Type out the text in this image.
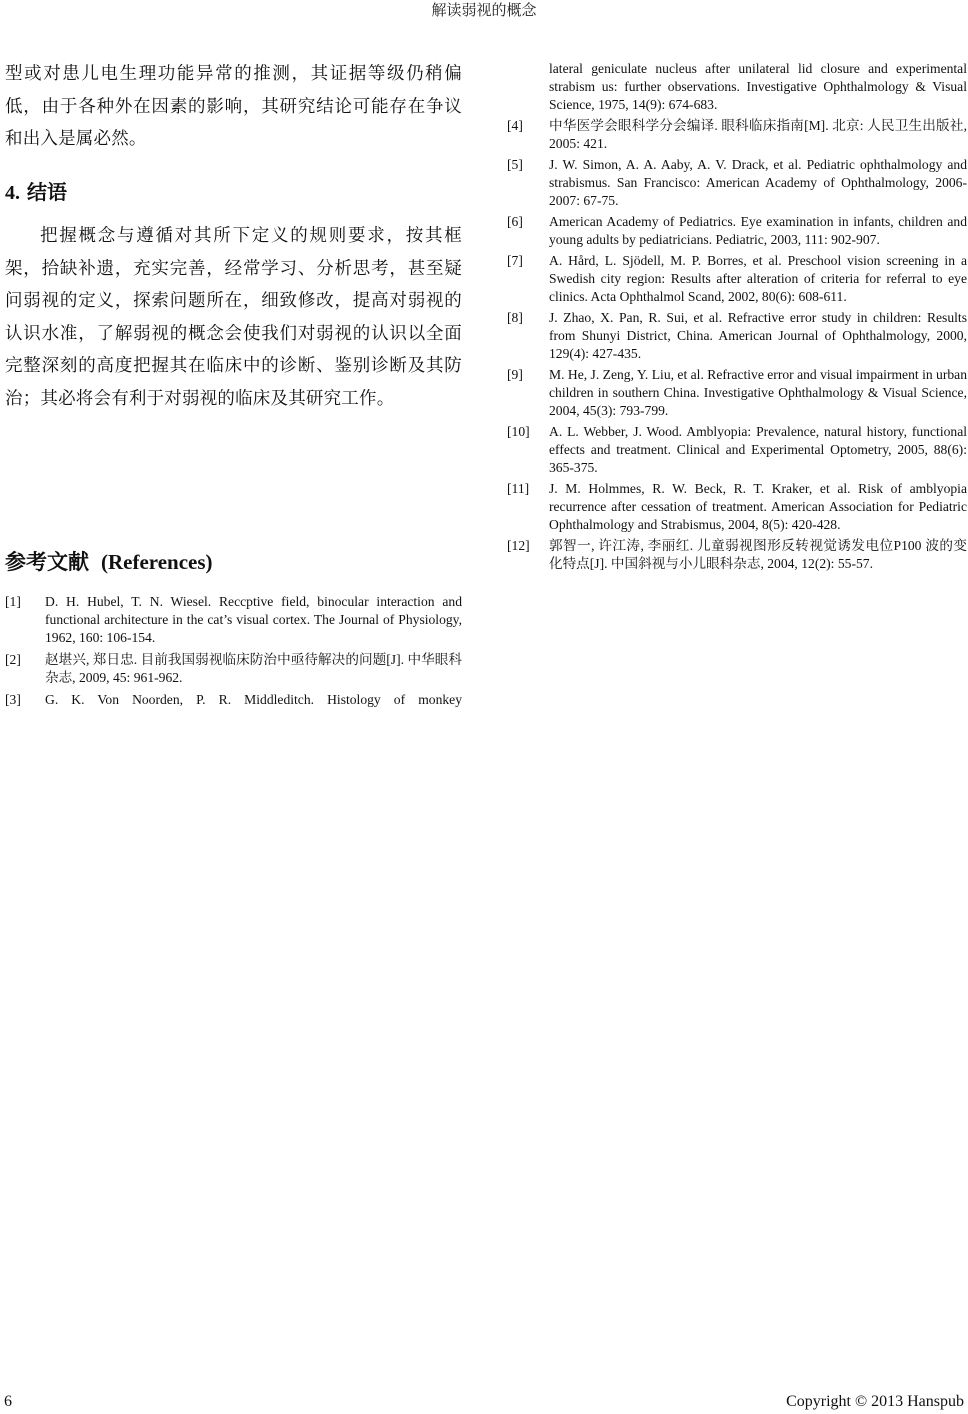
解读弱视的概念

型或对患儿电生理功能异常的推测，其证据等级仍稍偏低，由于各种外在因素的影响，其研究结论可能存在争议和出入是属必然。

4. 结语

把握概念与遵循对其所下定义的规则要求，按其框架，拾缺补遗，充实完善，经常学习、分析思考，甚至疑问弱视的定义，探索问题所在，细致修改，提高对弱视的认识水准，了解弱视的概念会使我们对弱视的认识以全面完整深刻的高度把握其在临床中的诊断、鉴别诊断及其防治；其必将会有利于对弱视的临床及其研究工作。

参考文献 (References)
[1] D. H. Hubel, T. N. Wiesel. Reccptive field, binocular interaction and functional architecture in the cat’s visual cortex. The Journal of Physiology, 1962, 160: 106-154.
[2] 赵堪兴, 郑日忠. 目前我国弱视临床防治中亟待解决的问题[J]. 中华眼科杂志, 2009, 45: 961-962.
[3] G. K. Von Noorden, P. R. Middleditch. Histology of monkey
lateral geniculate nucleus after unilateral lid closure and experimental strabism us: further observations. Investigative Ophthalmology & Visual Science, 1975, 14(9): 674-683.
[4] 中华医学会眼科学分会编译. 眼科临床指南[M]. 北京: 人民卫生出版社, 2005: 421.
[5] J. W. Simon, A. A. Aaby, A. V. Drack, et al. Pediatric ophthalmology and strabismus. San Francisco: American Academy of Ophthalmology, 2006-2007: 67-75.
[6] American Academy of Pediatrics. Eye examination in infants, children and young adults by pediatricians. Pediatric, 2003, 111: 902-907.
[7] A. Hård, L. Sjödell, M. P. Borres, et al. Preschool vision screening in a Swedish city region: Results after alteration of criteria for referral to eye clinics. Acta Ophthalmol Scand, 2002, 80(6): 608-611.
[8] J. Zhao, X. Pan, R. Sui, et al. Refractive error study in children: Results from Shunyi District, China. American Journal of Ophthalmology, 2000, 129(4): 427-435.
[9] M. He, J. Zeng, Y. Liu, et al. Refractive error and visual impairment in urban children in southern China. Investigative Ophthalmology & Visual Science, 2004, 45(3): 793-799.
[10] A. L. Webber, J. Wood. Amblyopia: Prevalence, natural history, functional effects and treatment. Clinical and Experimental Optometry, 2005, 88(6): 365-375.
[11] J. M. Holmmes, R. W. Beck, R. T. Kraker, et al. Risk of amblyopia recurrence after cessation of treatment. American Association for Pediatric Ophthalmology and Strabismus, 2004, 8(5): 420-428.
[12] 郭智一, 许江涛, 李丽红. 儿童弱视图形反转视觉诱发电位P100 波的变化特点[J]. 中国斜视与小儿眼科杂志, 2004, 12(2): 55-57.
6	Copyright © 2013 Hanspub
